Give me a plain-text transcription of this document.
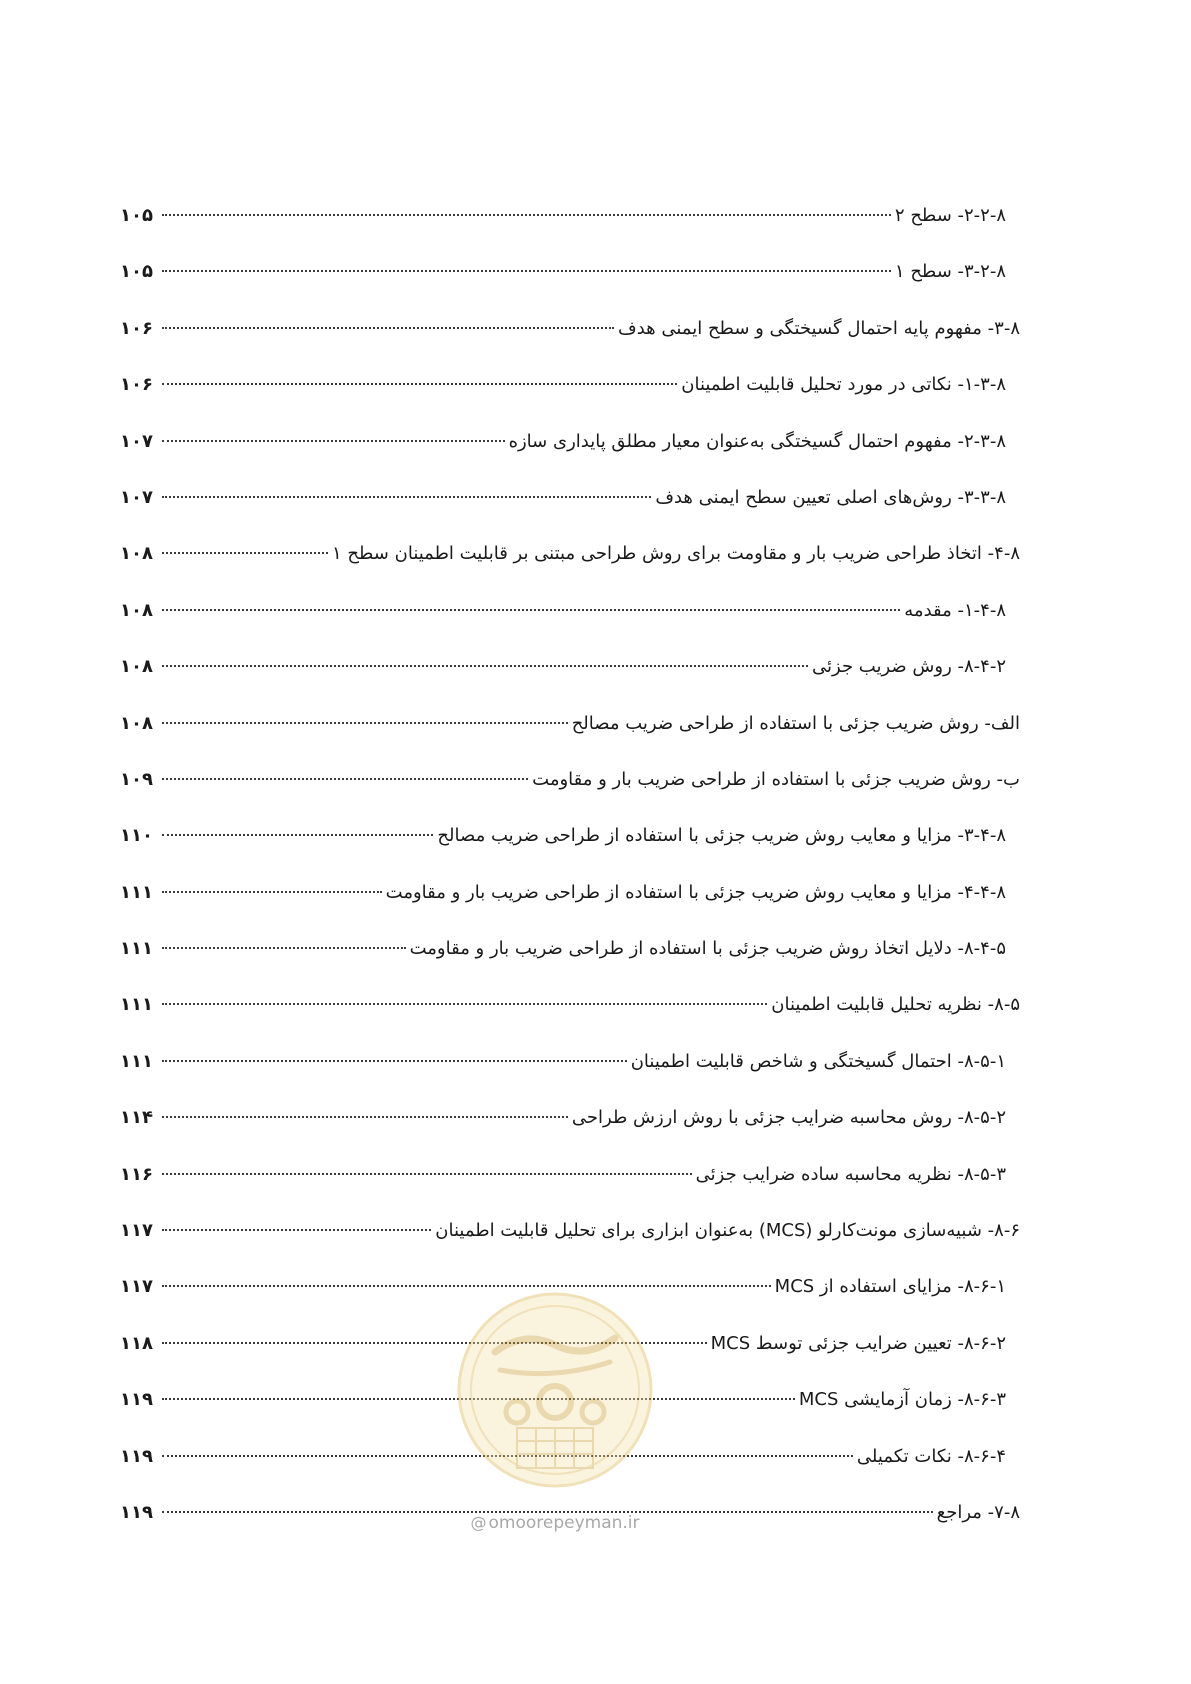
۲-۲-۸- سطح ۲
۱۰۵
۳-۲-۸- سطح ۱
۱۰۵
۳-۸- مفهوم پایه احتمال گسیختگی و سطح ایمنی هدف
۱۰۶
۱-۳-۸- نکاتی در مورد تحلیل قابلیت اطمینان
۱۰۶
۲-۳-۸- مفهوم احتمال گسیختگی به‌عنوان معیار مطلق پایداری سازه
۱۰۷
۳-۳-۸- روش‌های اصلی تعیین سطح ایمنی هدف
۱۰۷
۴-۸- اتخاذ طراحی ضریب بار و مقاومت برای روش طراحی مبتنی بر قابلیت اطمینان سطح ۱
۱۰۸
۱-۴-۸- مقدمه
۱۰۸
۸-۴-۲- روش ضریب جزئی
۱۰۸
الف- روش ضریب جزئی با استفاده از طراحی ضریب مصالح
۱۰۸
ب- روش ضریب جزئی با استفاده از طراحی ضریب بار و مقاومت
۱۰۹
۳-۴-۸- مزایا و معایب روش ضریب جزئی با استفاده از طراحی ضریب مصالح
۱۱۰
۴-۴-۸- مزایا و معایب روش ضریب جزئی با استفاده از طراحی ضریب بار و مقاومت
۱۱۱
۸-۴-۵- دلایل اتخاذ روش ضریب جزئی با استفاده از طراحی ضریب بار و مقاومت
۱۱۱
۸-۵- نظریه تحلیل قابلیت اطمینان
۱۱۱
۸-۵-۱- احتمال گسیختگی و شاخص قابلیت اطمینان
۱۱۱
۸-۵-۲- روش محاسبه ضرایب جزئی با روش ارزش طراحی
۱۱۴
۸-۵-۳- نظریه محاسبه ساده ضرایب جزئی
۱۱۶
۸-۶- شبیه‌سازی مونت‌کارلو (MCS) به‌عنوان ابزاری برای تحلیل قابلیت اطمینان
۱۱۷
۸-۶-۱- مزایای استفاده از MCS
۱۱۷
۸-۶-۲- تعیین ضرایب جزئی توسط MCS
۱۱۸
۸-۶-۳- زمان آزمایشی MCS
۱۱۹
۸-۶-۴- نکات تکمیلی
۱۱۹
۷-۸- مراجع
۱۱۹	@ omoorepeyman.ir
